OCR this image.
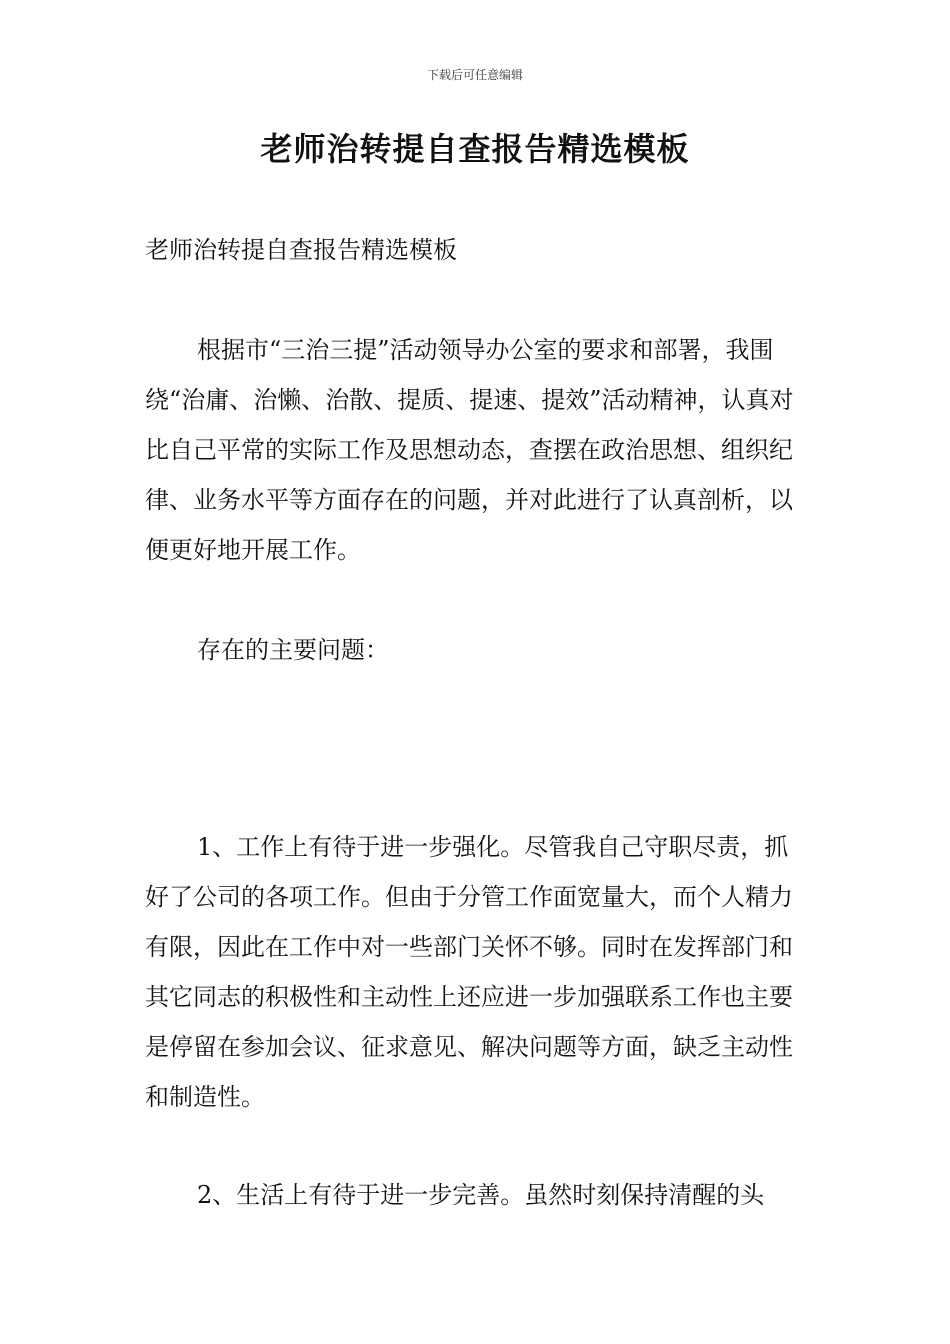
下载后可任意编辑
老师治转提自查报告精选模板
老师治转提自查报告精选模板

根据市“三治三提”活动领导办公室的要求和部署，我围绕“治庸、治懒、治散、提质、提速、提效”活动精神，认真对比自己平常的实际工作及思想动态，查摆在政治思想、组织纪律、业务水平等方面存在的问题，并对此进行了认真剖析，以便更好地开展工作。

存在的主要问题：

1、工作上有待于进一步强化。尽管我自己守职尽责，抓好了公司的各项工作。但由于分管工作面宽量大，而个人精力有限，因此在工作中对一些部门关怀不够。同时在发挥部门和其它同志的积极性和主动性上还应进一步加强联系工作也主要是停留在参加会议、征求意见、解决问题等方面，缺乏主动性和制造性。

2、生活上有待于进一步完善。虽然时刻保持清醒的头
